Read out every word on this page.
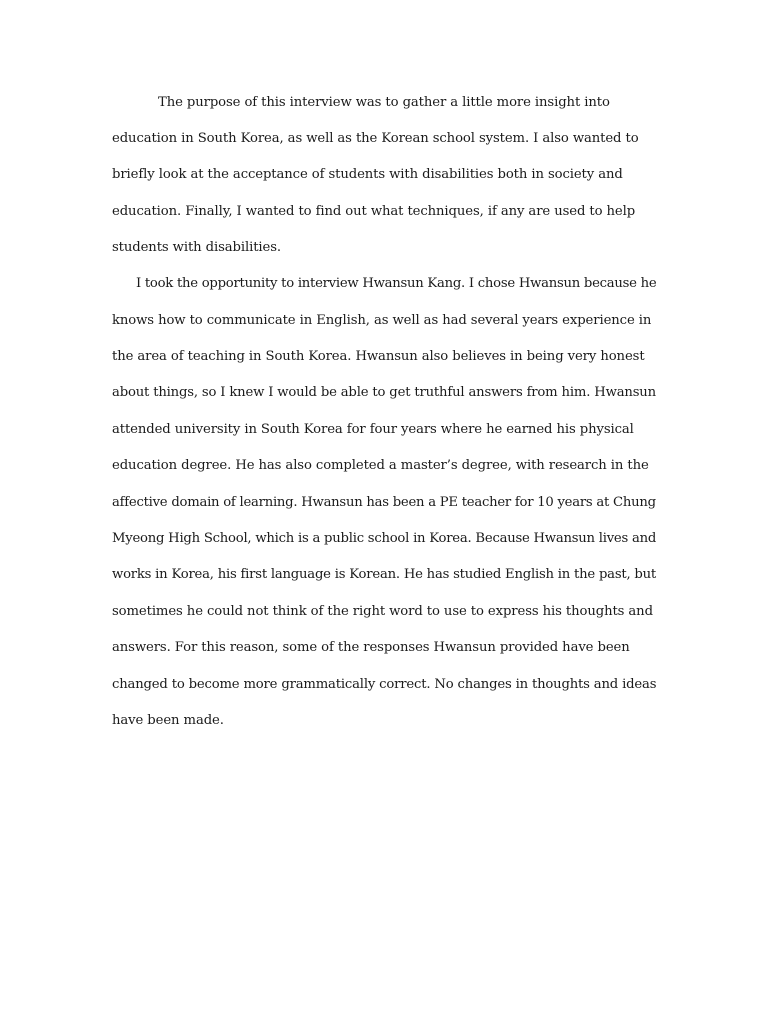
The purpose of this interview was to gather a little more insight into
education in South Korea, as well as the Korean school system. I also wanted to
briefly look at the acceptance of students with disabilities both in society and
education. Finally, I wanted to find out what techniques, if any are used to help
students with disabilities.
I took the opportunity to interview Hwansun Kang. I chose Hwansun because he
knows how to communicate in English, as well as had several years experience in
the area of teaching in South Korea. Hwansun also believes in being very honest
about things, so I knew I would be able to get truthful answers from him. Hwansun
attended university in South Korea for four years where he earned his physical
education degree. He has also completed a master’s degree, with research in the
affective domain of learning. Hwansun has been a PE teacher for 10 years at Chung
Myeong High School, which is a public school in Korea. Because Hwansun lives and
works in Korea, his first language is Korean. He has studied English in the past, but
sometimes he could not think of the right word to use to express his thoughts and
answers. For this reason, some of the responses Hwansun provided have been
changed to become more grammatically correct. No changes in thoughts and ideas
have been made.
